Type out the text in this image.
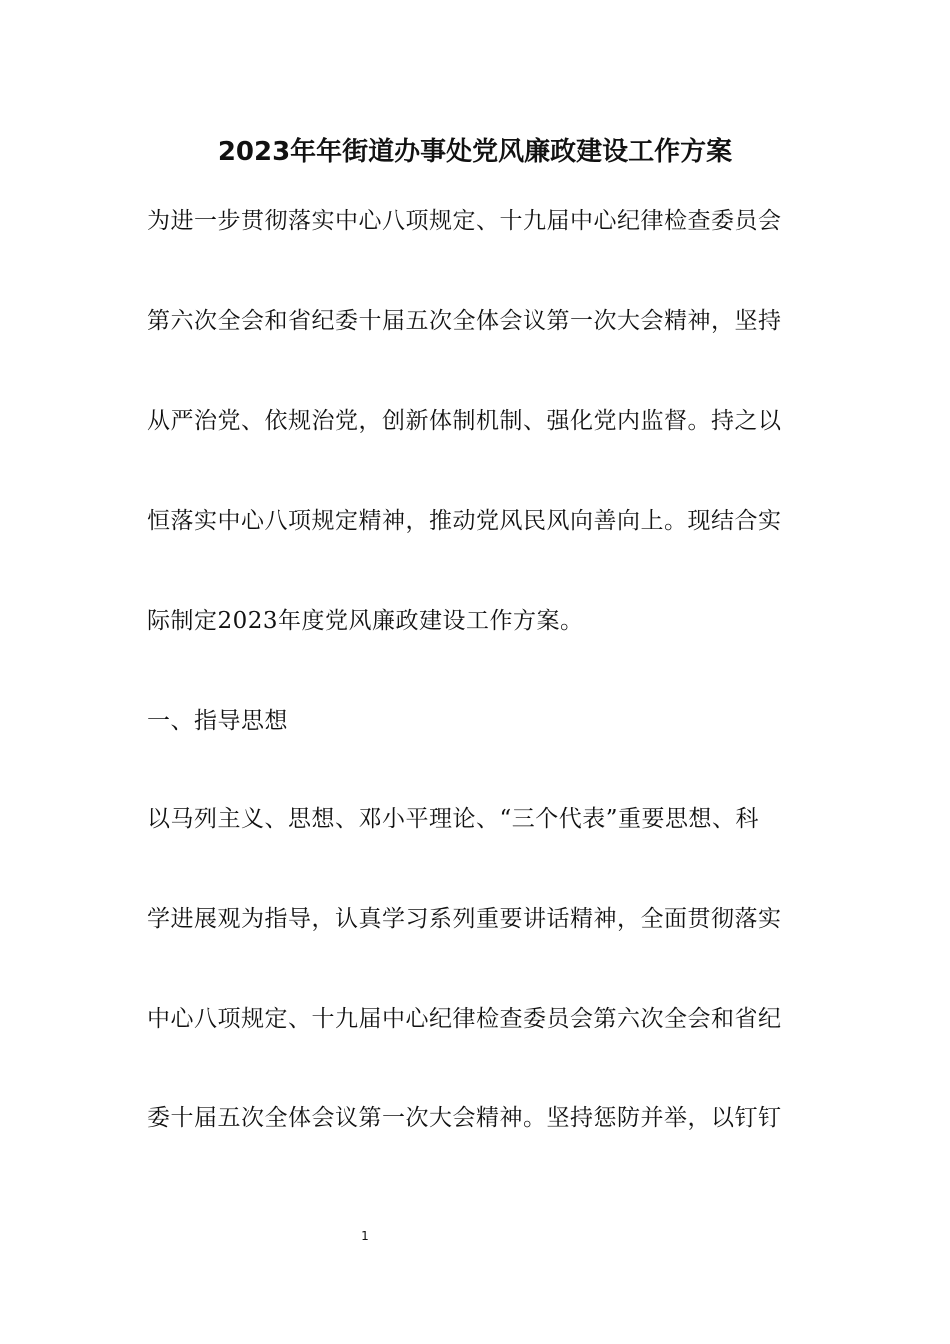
2023年年街道办事处党风廉政建设工作方案
为进一步贯彻落实中心八项规定、十九届中心纪律检查委员会
第六次全会和省纪委十届五次全体会议第一次大会精神，坚持
从严治党、依规治党，创新体制机制、强化党内监督。持之以
恒落实中心八项规定精神，推动党风民风向善向上。现结合实
际制定2023年度党风廉政建设工作方案。
一、指导思想
以马列主义、思想、邓小平理论、“三个代表”重要思想、科
学进展观为指导，认真学习系列重要讲话精神，全面贯彻落实
中心八项规定、十九届中心纪律检查委员会第六次全会和省纪
委十届五次全体会议第一次大会精神。坚持惩防并举，以钉钉
1
